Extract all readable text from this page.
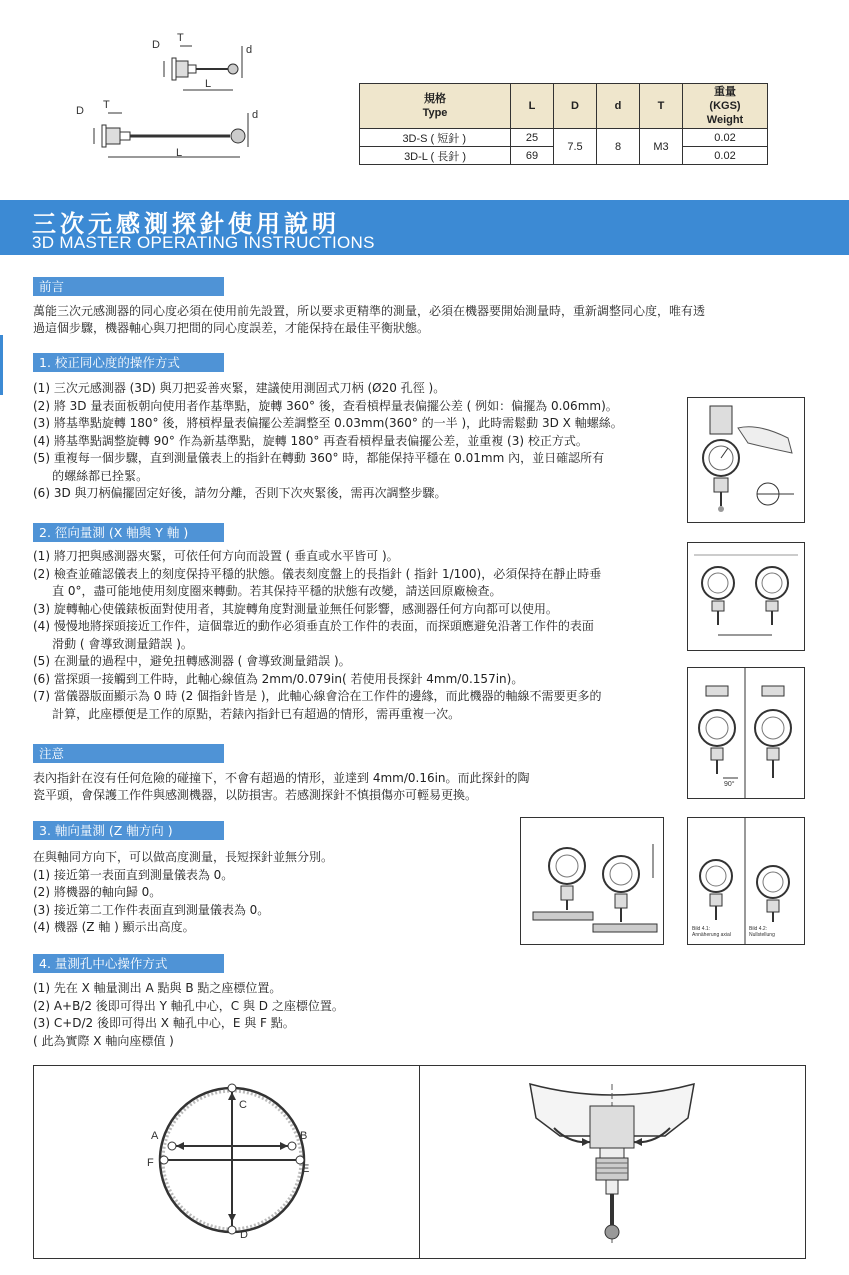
D
T
d
L
D T
d
L
規格
Type	L	D	d	T	重量
(KGS)
Weight
3D-S ( 短針 )	25	7.5	8	M3	0.02
3D-L ( 長針 )	69				0.02
三次元感測探針使用說明
3D MASTER OPERATING INSTRUCTIONS
前言
萬能三次元感測器的同心度必須在使用前先設置，所以要求更精準的測量，必須在機器要開始測量時，重新調整同心度，唯有透
過這個步驟，機器軸心與刀把間的同心度誤差，才能保持在最佳平衡狀態。
1. 校正同心度的操作方式
(1) 三次元感測器 (3D) 與刀把妥善夾緊，建議使用測固式刀柄 (Ø20 孔徑 )。
(2) 將 3D 量表面板朝向使用者作基準點，旋轉 360° 後，查看槓桿量表偏擺公差 ( 例如：偏擺為 0.06mm)。
(3) 將基準點旋轉 180° 後，將槓桿量表偏擺公差調整至 0.03mm(360° 的一半 )，此時需鬆動 3D X 軸螺絲。
(4) 將基準點調整旋轉 90° 作為新基準點，旋轉 180° 再查看槓桿量表偏擺公差，並重複 (3) 校正方式。
(5) 重複每一個步驟，直到測量儀表上的指針在轉動 360° 時，都能保持平穩在 0.01mm 內，並日確認所有
的螺絲都已拴緊。
(6) 3D 與刀柄偏擺固定好後，請勿分離，否則下次夾緊後，需再次調整步驟。
2. 徑向量測 (X 軸與 Y 軸 )
(1) 將刀把與感測器夾緊，可依任何方向而設置 ( 垂直或水平皆可 )。
(2) 檢查並確認儀表上的刻度保持平穩的狀態。儀表刻度盤上的長指針 ( 指針 1/100)，必須保持在靜止時垂
直 0°，盡可能地使用刻度圈來轉動。若其保持平穩的狀態有改變，請送回原廠檢查。
(3) 旋轉軸心使儀錶板面對使用者，其旋轉角度對測量並無任何影響，感測器任何方向都可以使用。
(4) 慢慢地將探頭接近工作件，這個靠近的動作必須垂直於工作件的表面，而探頭應避免沿著工作件的表面
滑動 ( 會導致測量錯誤 )。
(5) 在測量的過程中，避免扭轉感測器 ( 會導致測量錯誤 )。
(6) 當探頭一接觸到工件時，此軸心線值為 2mm/0.079in( 若使用長探針 4mm/0.157in)。
(7) 當儀器版面顯示為 0 時 (2 個指針皆是 )，此軸心線會洽在工作件的邊緣，而此機器的軸線不需要更多的
計算，此座標便是工作的原點，若錶內指針已有超過的情形，需再重複一次。
90°
注意
表內指針在沒有任何危險的碰撞下，不會有超過的情形，並達到 4mm/0.16in。而此探針的陶
瓷平頭，會保護工作件與感測機器，以防損害。若感測探針不慎損傷亦可輕易更換。
3. 軸向量測 (Z 軸方向 )
在與軸同方向下，可以做高度測量，長短探針並無分別。
(1) 接近第一表面直到測量儀表為 0。
(2) 將機器的軸向歸 0。
(3) 接近第二工作件表面直到測量儀表為 0。
(4) 機器 (Z 軸 ) 顯示出高度。	Bild 4.1:
Annäherung axial
Bild 4.2:
Nullstellung
4. 量測孔中心操作方式
(1) 先在 X 軸量測出 A 點與 B 點之座標位置。
(2) A+B/2 後即可得出 Y 軸孔中心，C 與 D 之座標位置。
(3) C+D/2 後即可得出 X 軸孔中心，E 與 F 點。
( 此為實際 X 軸向座標值 )
A	B
C
D
E
F
